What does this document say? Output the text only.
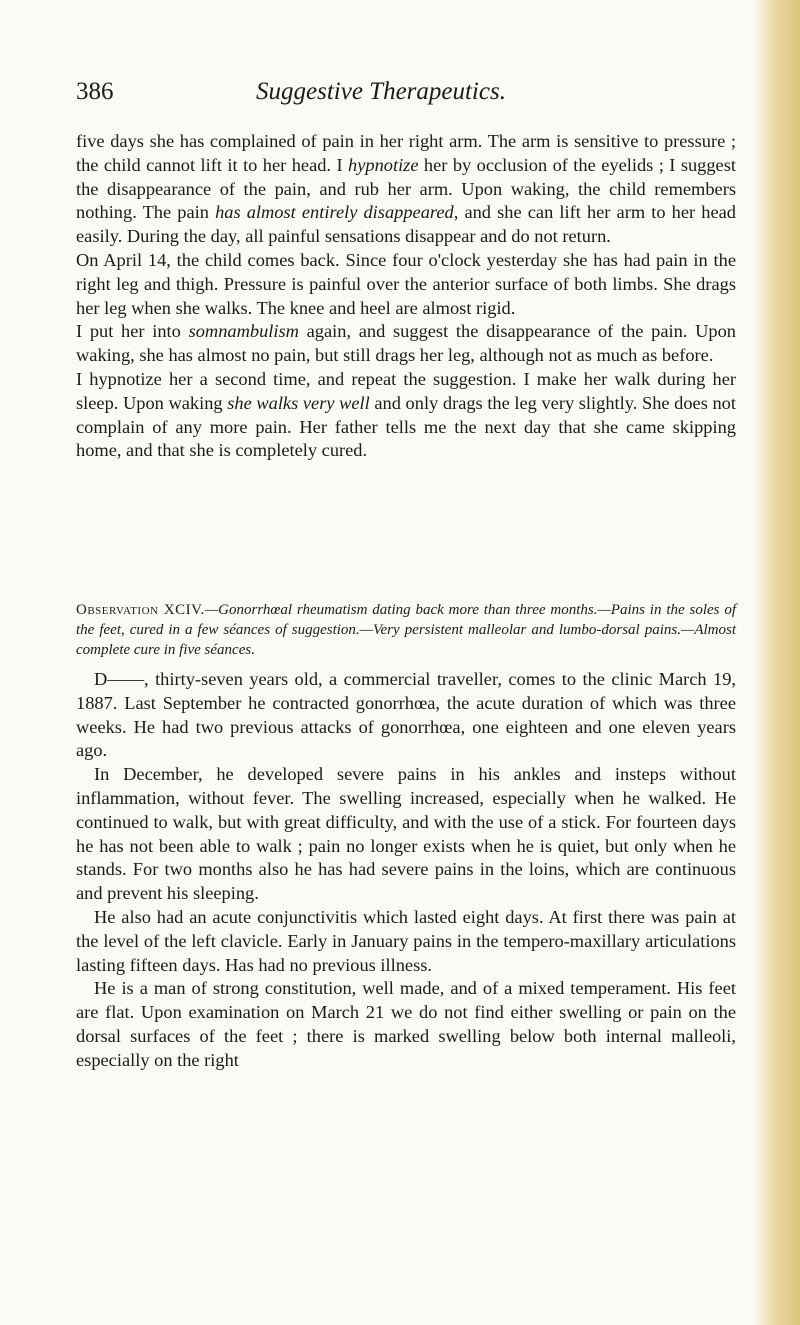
386	Suggestive Therapeutics.

five days she has complained of pain in her right arm. The arm is sensitive to pressure ; the child cannot lift it to her head. I hypnotize her by occlusion of the eyelids ; I suggest the disappearance of the pain, and rub her arm. Upon waking, the child remembers nothing. The pain has almost entirely disappeared, and she can lift her arm to her head easily. During the day, all painful sensations disappear and do not return.

On April 14, the child comes back. Since four o'clock yesterday she has had pain in the right leg and thigh. Pressure is painful over the anterior surface of both limbs. She drags her leg when she walks. The knee and heel are almost rigid.

I put her into somnambulism again, and suggest the disappearance of the pain. Upon waking, she has almost no pain, but still drags her leg, although not as much as before.

I hypnotize her a second time, and repeat the suggestion. I make her walk during her sleep. Upon waking she walks very well and only drags the leg very slightly. She does not complain of any more pain. Her father tells me the next day that she came skipping home, and that she is completely cured.

Observation XCIV.—Gonorrhœal rheumatism dating back more than three months.—Pains in the soles of the feet, cured in a few séances of suggestion.—Very persistent malleolar and lumbo-dorsal pains.—Almost complete cure in five séances.

D——, thirty-seven years old, a commercial traveller, comes to the clinic March 19, 1887. Last September he contracted gonorrhœa, the acute duration of which was three weeks. He had two previous attacks of gonorrhœa, one eighteen and one eleven years ago.

In December, he developed severe pains in his ankles and insteps without inflammation, without fever. The swelling increased, especially when he walked. He continued to walk, but with great difficulty, and with the use of a stick. For fourteen days he has not been able to walk ; pain no longer exists when he is quiet, but only when he stands. For two months also he has had severe pains in the loins, which are continuous and prevent his sleeping.

He also had an acute conjunctivitis which lasted eight days. At first there was pain at the level of the left clavicle. Early in January pains in the tempero-maxillary articulations lasting fifteen days. Has had no previous illness.

He is a man of strong constitution, well made, and of a mixed temperament. His feet are flat. Upon examination on March 21 we do not find either swelling or pain on the dorsal surfaces of the feet ; there is marked swelling below both internal malleoli, especially on the right
